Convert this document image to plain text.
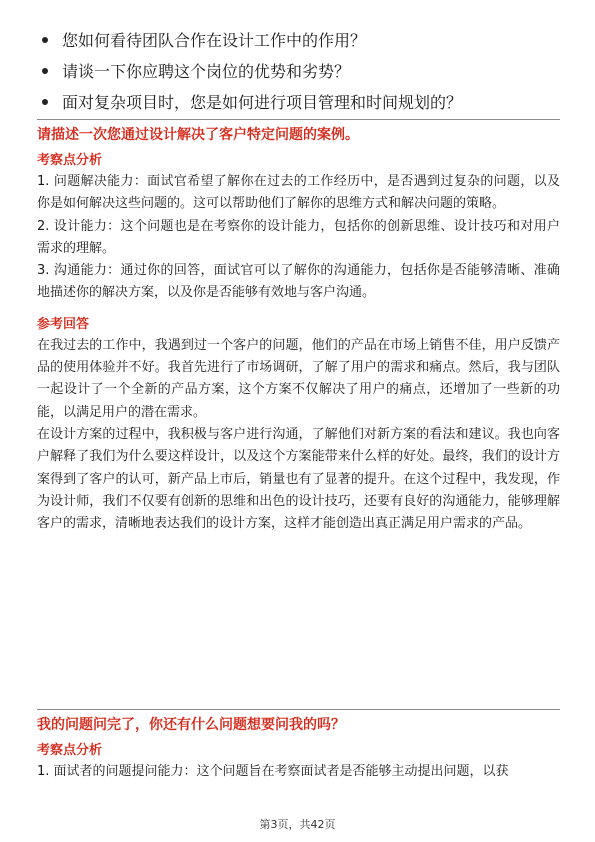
您如何看待团队合作在设计工作中的作用？
请谈一下你应聘这个岗位的优势和劣势？
面对复杂项目时，您是如何进行项目管理和时间规划的？
请描述一次您通过设计解决了客户特定问题的案例。
考察点分析
1. 问题解决能力：面试官希望了解你在过去的工作经历中，是否遇到过复杂的问题，以及你是如何解决这些问题的。这可以帮助他们了解你的思维方式和解决问题的策略。
2. 设计能力：这个问题也是在考察你的设计能力，包括你的创新思维、设计技巧和对用户需求的理解。
3. 沟通能力：通过你的回答，面试官可以了解你的沟通能力，包括你是否能够清晰、准确地描述你的解决方案，以及你是否能够有效地与客户沟通。
参考回答
在我过去的工作中，我遇到过一个客户的问题，他们的产品在市场上销售不佳，用户反馈产品的使用体验并不好。我首先进行了市场调研，了解了用户的需求和痛点。然后，我与团队一起设计了一个全新的产品方案，这个方案不仅解决了用户的痛点，还增加了一些新的功能，以满足用户的潜在需求。
在设计方案的过程中，我积极与客户进行沟通，了解他们对新方案的看法和建议。我也向客户解释了我们为什么要这样设计，以及这个方案能带来什么样的好处。最终，我们的设计方案得到了客户的认可，新产品上市后，销量也有了显著的提升。在这个过程中，我发现，作为设计师，我们不仅要有创新的思维和出色的设计技巧，还要有良好的沟通能力，能够理解客户的需求，清晰地表达我们的设计方案，这样才能创造出真正满足用户需求的产品。
我的问题问完了，你还有什么问题想要问我的吗？
考察点分析
1. 面试者的问题提问能力：这个问题旨在考察面试者是否能够主动提出问题，以获
第3页，共42页
